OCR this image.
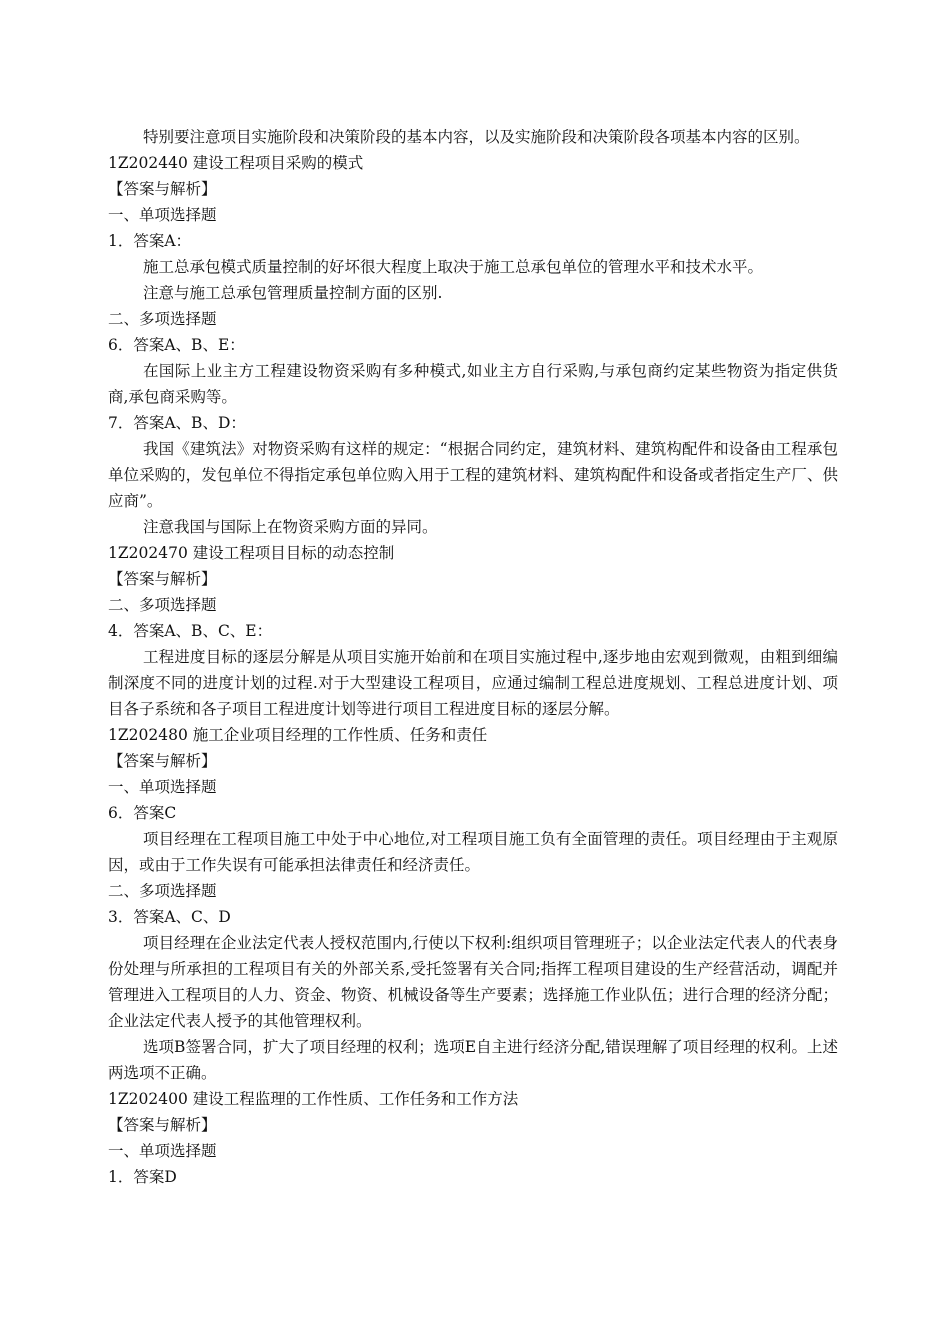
特别要注意项目实施阶段和决策阶段的基本内容，以及实施阶段和决策阶段各项基本内容的区别。

1Z202440 建设工程项目采购的模式

【答案与解析】

一、单项选择题

1．答案A：

施工总承包模式质量控制的好坏很大程度上取决于施工总承包单位的管理水平和技术水平。

注意与施工总承包管理质量控制方面的区别.

二、多项选择题

6．答案A、B、E：

在国际上业主方工程建设物资采购有多种模式,如业主方自行采购,与承包商约定某些物资为指定供货商,承包商采购等。

7．答案A、B、D：

我国《建筑法》对物资采购有这样的规定：“根据合同约定，建筑材料、建筑构配件和设备由工程承包单位采购的，发包单位不得指定承包单位购入用于工程的建筑材料、建筑构配件和设备或者指定生产厂、供应商”。

注意我国与国际上在物资采购方面的异同。

1Z202470 建设工程项目目标的动态控制

【答案与解析】

二、多项选择题

4．答案A、B、C、E：

工程进度目标的逐层分解是从项目实施开始前和在项目实施过程中,逐步地由宏观到微观，由粗到细编制深度不同的进度计划的过程.对于大型建设工程项目，应通过编制工程总进度规划、工程总进度计划、项目各子系统和各子项目工程进度计划等进行项目工程进度目标的逐层分解。

1Z202480 施工企业项目经理的工作性质、任务和责任

【答案与解析】

一、单项选择题

6．答案C

项目经理在工程项目施工中处于中心地位,对工程项目施工负有全面管理的责任。项目经理由于主观原因，或由于工作失误有可能承担法律责任和经济责任。

二、多项选择题

3．答案A、C、D

项目经理在企业法定代表人授权范围内,行使以下权利:组织项目管理班子；以企业法定代表人的代表身份处理与所承担的工程项目有关的外部关系,受托签署有关合同;指挥工程项目建设的生产经营活动，调配并管理进入工程项目的人力、资金、物资、机械设备等生产要素；选择施工作业队伍；进行合理的经济分配；企业法定代表人授予的其他管理权利。

选项B签署合同，扩大了项目经理的权利；选项E自主进行经济分配,错误理解了项目经理的权利。上述两选项不正确。

1Z202400 建设工程监理的工作性质、工作任务和工作方法

【答案与解析】

一、单项选择题

1．答案D
